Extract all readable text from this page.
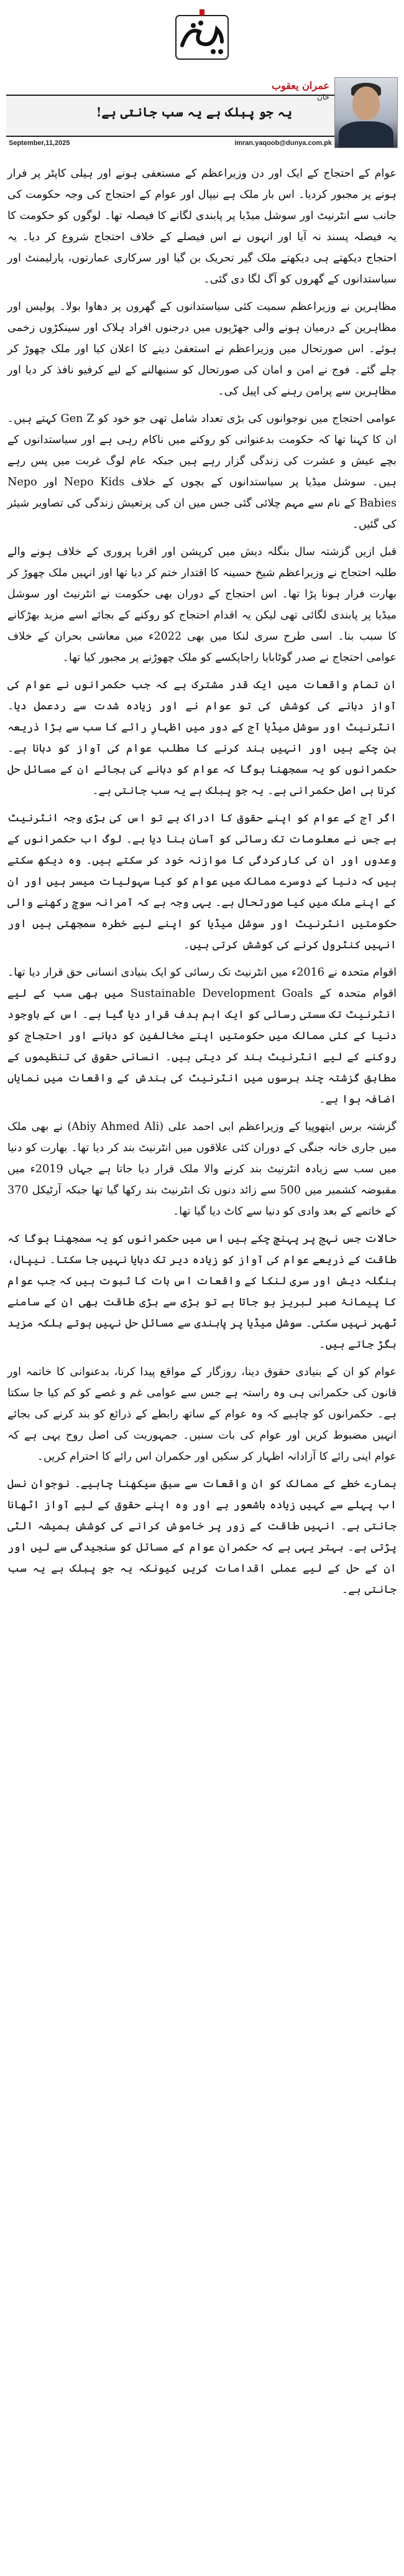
عمران یعقوب
خان
یہ جو پبلک ہے یہ سب جانتی ہے!
imran.yaqoob@dunya.com.pk
September,11,2025

عوام کے احتجاج کے ایک اور دن وزیراعظم کے مستعفی ہونے اور ہیلی کاپٹر پر فرار ہونے پر مجبور کردیا۔ اس بار ملک ہے نیپال اور عوام کے احتجاج کی وجہ حکومت کی جانب سے انٹرنیٹ اور سوشل میڈیا پر پابندی لگانے کا فیصلہ تھا۔ لوگوں کو حکومت کا یہ فیصلہ پسند نہ آیا اور انہوں نے اس فیصلے کے خلاف احتجاج شروع کر دیا۔ یہ احتجاج دیکھتے ہی دیکھتے ملک گیر تحریک بن گیا اور سرکاری عمارتوں، پارلیمنٹ اور سیاستدانوں کے گھروں کو آگ لگا دی گئی۔

مظاہرین نے وزیراعظم سمیت کئی سیاستدانوں کے گھروں پر دھاوا بولا۔ پولیس اور مظاہرین کے درمیان ہونے والی جھڑپوں میں درجنوں افراد ہلاک اور سینکڑوں زخمی ہوئے۔ اس صورتحال میں وزیراعظم نے استعفیٰ دینے کا اعلان کیا اور ملک چھوڑ کر چلے گئے۔ فوج نے امن و امان کی صورتحال کو سنبھالنے کے لیے کرفیو نافذ کر دیا اور مظاہرین سے پرامن رہنے کی اپیل کی۔

عوامی احتجاج میں نوجوانوں کی بڑی تعداد شامل تھی جو خود کو Gen Z کہتے ہیں۔ ان کا کہنا تھا کہ حکومت بدعنوانی کو روکنے میں ناکام رہی ہے اور سیاستدانوں کے بچے عیش و عشرت کی زندگی گزار رہے ہیں جبکہ عام لوگ غربت میں پس رہے ہیں۔ سوشل میڈیا پر سیاستدانوں کے بچوں کے خلاف Nepo Kids اور Nepo Babies کے نام سے مہم چلائی گئی جس میں ان کی پرتعیش زندگی کی تصاویر شیئر کی گئیں۔

قبل ازیں گزشتہ سال بنگلہ دیش میں کرپشن اور اقربا پروری کے خلاف ہونے والے طلبہ احتجاج نے وزیراعظم شیخ حسینہ کا اقتدار ختم کر دیا تھا اور انہیں ملک چھوڑ کر بھارت فرار ہونا پڑا تھا۔ اس احتجاج کے دوران بھی حکومت نے انٹرنیٹ اور سوشل میڈیا پر پابندی لگائی تھی لیکن یہ اقدام احتجاج کو روکنے کے بجائے اسے مزید بھڑکانے کا سبب بنا۔ اسی طرح سری لنکا میں بھی 2022ء میں معاشی بحران کے خلاف عوامی احتجاج نے صدر گوٹابایا راجاپکسے کو ملک چھوڑنے پر مجبور کیا تھا۔

ان تمام واقعات میں ایک قدر مشترک ہے کہ جب حکمرانوں نے عوام کی آواز دبانے کی کوشش کی تو عوام نے اور زیادہ شدت سے ردعمل دیا۔ انٹرنیٹ اور سوشل میڈیا آج کے دور میں اظہارِ رائے کا سب سے بڑا ذریعہ بن چکے ہیں اور انہیں بند کرنے کا مطلب عوام کی آواز کو دبانا ہے۔ حکمرانوں کو یہ سمجھنا ہوگا کہ عوام کو دبانے کی بجائے ان کے مسائل حل کرنا ہی اصل حکمرانی ہے۔ یہ جو پبلک ہے یہ سب جانتی ہے۔

اگر آج کے عوام کو اپنے حقوق کا ادراک ہے تو اس کی بڑی وجہ انٹرنیٹ ہے جس نے معلومات تک رسائی کو آسان بنا دیا ہے۔ لوگ اب حکمرانوں کے وعدوں اور ان کی کارکردگی کا موازنہ خود کر سکتے ہیں۔ وہ دیکھ سکتے ہیں کہ دنیا کے دوسرے ممالک میں عوام کو کیا سہولیات میسر ہیں اور ان کے اپنے ملک میں کیا صورتحال ہے۔ یہی وجہ ہے کہ آمرانہ سوچ رکھنے والی حکومتیں انٹرنیٹ اور سوشل میڈیا کو اپنے لیے خطرہ سمجھتی ہیں اور انہیں کنٹرول کرنے کی کوشش کرتی ہیں۔

اقوام متحدہ نے 2016ء میں انٹرنیٹ تک رسائی کو ایک بنیادی انسانی حق قرار دیا تھا۔ اقوام متحدہ کے Sustainable Development Goals میں بھی سب کے لیے انٹرنیٹ تک سستی رسائی کو ایک اہم ہدف قرار دیا گیا ہے۔ اس کے باوجود دنیا کے کئی ممالک میں حکومتیں اپنے مخالفین کو دبانے اور احتجاج کو روکنے کے لیے انٹرنیٹ بند کر دیتی ہیں۔ انسانی حقوق کی تنظیموں کے مطابق گزشتہ چند برسوں میں انٹرنیٹ کی بندش کے واقعات میں نمایاں اضافہ ہوا ہے۔

گزشتہ برس ایتھوپیا کے وزیراعظم ابی احمد علی (Abiy Ahmed Ali) نے بھی ملک میں جاری خانہ جنگی کے دوران کئی علاقوں میں انٹرنیٹ بند کر دیا تھا۔ بھارت کو دنیا میں سب سے زیادہ انٹرنیٹ بند کرنے والا ملک قرار دیا جاتا ہے جہاں 2019ء میں مقبوضہ کشمیر میں 500 سے زائد دنوں تک انٹرنیٹ بند رکھا گیا تھا جبکہ آرٹیکل 370 کے خاتمے کے بعد وادی کو دنیا سے کاٹ دیا گیا تھا۔

حالات جس نہج پر پہنچ چکے ہیں اس میں حکمرانوں کو یہ سمجھنا ہوگا کہ طاقت کے ذریعے عوام کی آواز کو زیادہ دیر تک دبایا نہیں جا سکتا۔ نیپال، بنگلہ دیش اور سری لنکا کے واقعات اس بات کا ثبوت ہیں کہ جب عوام کا پیمانۂ صبر لبریز ہو جاتا ہے تو بڑی سے بڑی طاقت بھی ان کے سامنے ٹھہر نہیں سکتی۔ سوشل میڈیا پر پابندی سے مسائل حل نہیں ہوتے بلکہ مزید بگڑ جاتے ہیں۔

عوام کو ان کے بنیادی حقوق دینا، روزگار کے مواقع پیدا کرنا، بدعنوانی کا خاتمہ اور قانون کی حکمرانی ہی وہ راستہ ہے جس سے عوامی غم و غصے کو کم کیا جا سکتا ہے۔ حکمرانوں کو چاہیے کہ وہ عوام کے ساتھ رابطے کے ذرائع کو بند کرنے کی بجائے انہیں مضبوط کریں اور عوام کی بات سنیں۔ جمہوریت کی اصل روح یہی ہے کہ عوام اپنی رائے کا آزادانہ اظہار کر سکیں اور حکمران اس رائے کا احترام کریں۔

ہمارے خطے کے ممالک کو ان واقعات سے سبق سیکھنا چاہیے۔ نوجوان نسل اب پہلے سے کہیں زیادہ باشعور ہے اور وہ اپنے حقوق کے لیے آواز اٹھانا جانتی ہے۔ انہیں طاقت کے زور پر خاموش کرانے کی کوشش ہمیشہ الٹی پڑتی ہے۔ بہتر یہی ہے کہ حکمران عوام کے مسائل کو سنجیدگی سے لیں اور ان کے حل کے لیے عملی اقدامات کریں کیونکہ یہ جو پبلک ہے یہ سب جانتی ہے۔
